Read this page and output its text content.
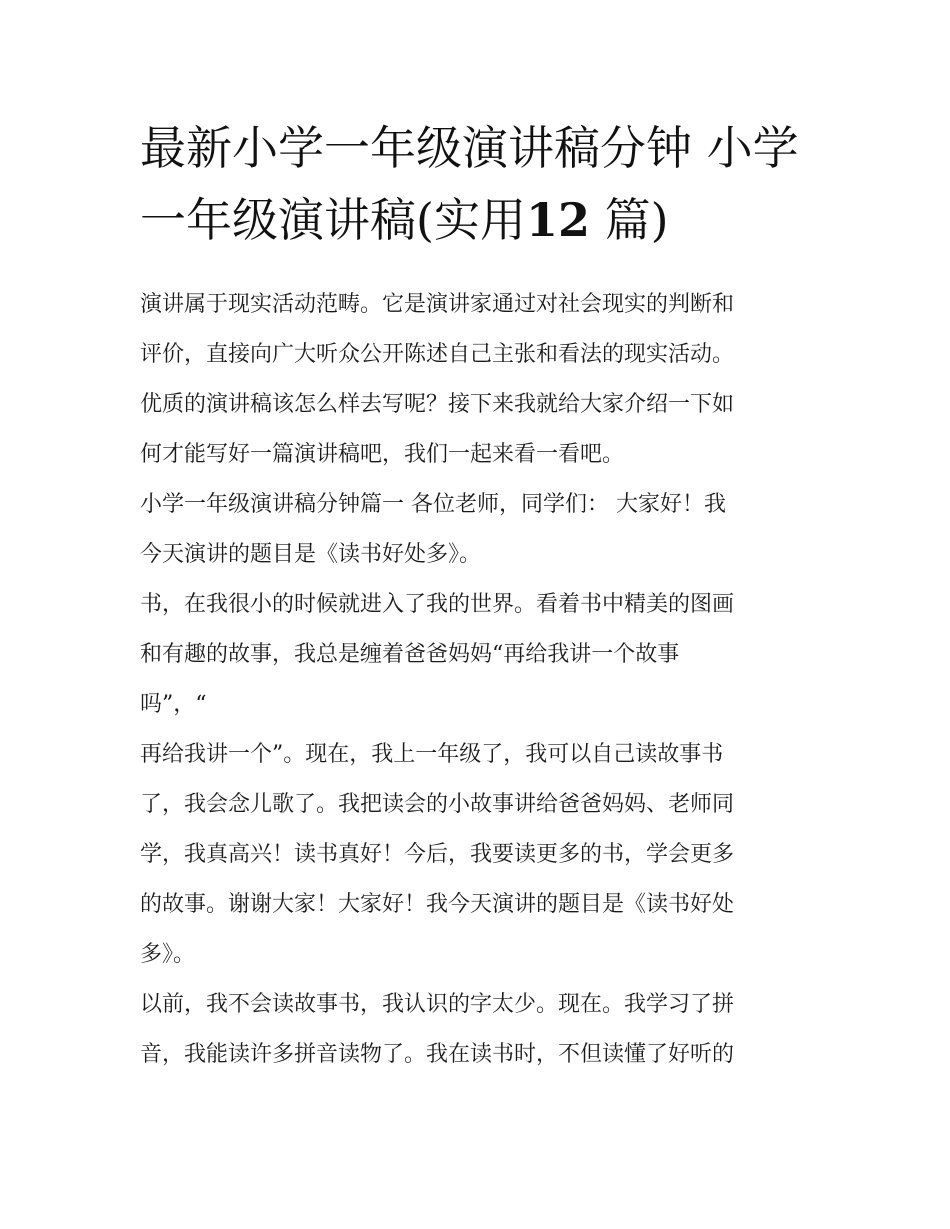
最新小学一年级演讲稿分钟 小学一年级演讲稿(实用12 篇)
演讲属于现实活动范畴。它是演讲家通过对社会现实的判断和
评价，直接向广大听众公开陈述自己主张和看法的现实活动。
优质的演讲稿该怎么样去写呢？接下来我就给大家介绍一下如
何才能写好一篇演讲稿吧，我们一起来看一看吧。
小学一年级演讲稿分钟篇一 各位老师，同学们： 大家好！我
今天演讲的题目是《读书好处多》。
书，在我很小的时候就进入了我的世界。看着书中精美的图画
和有趣的故事，我总是缠着爸爸妈妈“再给我讲一个故事
吗”，“
再给我讲一个”。现在，我上一年级了，我可以自己读故事书
了，我会念儿歌了。我把读会的小故事讲给爸爸妈妈、老师同
学，我真高兴！读书真好！今后，我要读更多的书，学会更多
的故事。谢谢大家！大家好！我今天演讲的题目是《读书好处
多》。
以前，我不会读故事书，我认识的字太少。现在。我学习了拼
音，我能读许多拼音读物了。我在读书时，不但读懂了好听的
